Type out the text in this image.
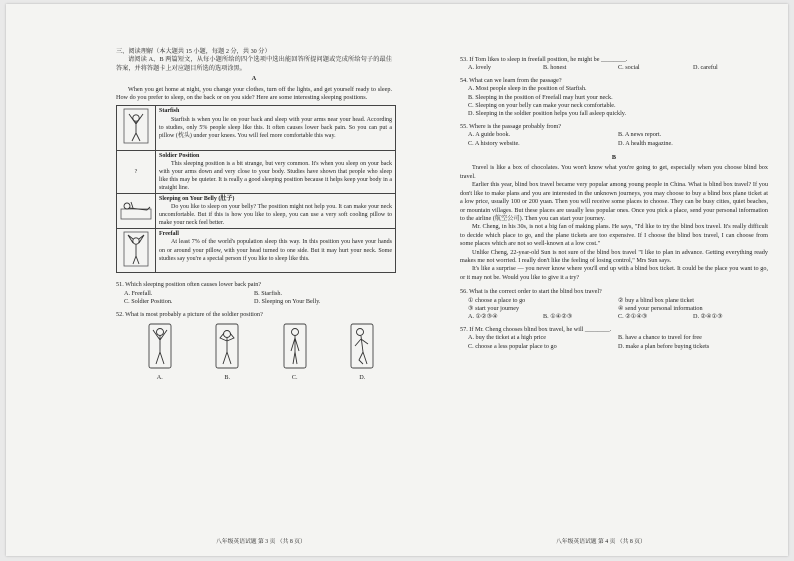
三、阅读理解（本大题共 15 小题，每题 2 分，共 30 分）

请阅读 A、B 两篇短文，从每小题所给的四个选项中选出能回答所提问题或完成所给句子的最佳答案，并将答题卡上对应题目所选的选项涂黑。

A

When you get home at night, you change your clothes, turn off the lights, and get yourself ready to sleep. How do you prefer to sleep, on the back or on you side? Here are some interesting sleeping positions.

Starfish

Starfish is when you lie on your back and sleep with your arms near your head. According to studies, only 5% people sleep like this. It often causes lower back pain. So you can put a pillow (枕头) under your knees. You will feel more comfortable this way.

?	Soldier Position

This sleeping position is a bit strange, but very common. It's when you sleep on your back with your arms down and very close to your body. Studies have shown that people who sleep like this may be quieter. It is really a good sleeping position because it helps keep your body in a straight line.

Sleeping on Your Belly (肚子)

Do you like to sleep on your belly? The position might not help you. It can make your neck uncomfortable. But if this is how you like to sleep, you can use a very soft cooling pillow to make your neck feel better.

Freefall

At least 7% of the world's population sleep this way. In this position you have your hands on or around your pillow, with your head turned to one side. But it may hurt your neck. Some studies say you're a special person if you like to sleep like this.

51. Which sleeping position often causes lower back pain?

A. Freefall.	B. Starfish.
C. Soldier Position.	D. Sleeping on Your Belly.

52. What is most probably a picture of the soldier position?

A.	B.	C.	D.
八年级英语试题 第 3 页 （共 8 页）

53. If Tom likes to sleep in freefall position, he might be ________.

A. lovely	B. honest	C. social	D. careful

54. What can we learn from the passage?

A. Most people sleep in the position of Starfish.
B. Sleeping in the position of Freefall may hurt your neck.
C. Sleeping on your belly can make your neck comfortable.
D. Sleeping in the soldier position helps you fall asleep quickly.

55. Where is the passage probably from?

A. A guide book.	B. A news report.
C. A history website.	D. A health magazine.

B

Travel is like a box of chocolates. You won't know what you're going to get, especially when you choose blind box travel.

Earlier this year, blind box travel became very popular among young people in China. What is blind box travel? If you don't like to make plans and you are interested in the unknown journeys, you may choose to buy a blind box plane ticket at a low price, usually 100 or 200 yuan. Then you will receive some places to choose. They can be busy cities, quiet beaches, or mountain villages. But these places are usually less popular ones. Once you pick a place, send your personal information to the airline (航空公司). Then you can start your journey.

Mr. Cheng, in his 30s, is not a big fan of making plans. He says, "I'd like to try the blind box travel. It's really difficult to decide which place to go, and the plane tickets are too expensive. If I choose the blind box travel, I can choose from some places which are not so well-known at a low cost."

Unlike Cheng, 22-year-old Sun is not sure of the blind box travel "I like to plan in advance. Getting everything ready makes me not worried. I really don't like the feeling of losing control," Mrs Sun says.

It's like a surprise — you never know where you'll end up with a blind box ticket. It could be the place you want to go, or it may not be. Would you like to give it a try?

56. What is the correct order to start the blind box travel?

① choose a place to go	② buy a blind box plane ticket
③ start your journey	④ send your personal information
A. ①②③④	B. ①④②③	C. ②①④③	D. ②④①③

57. If Mr. Cheng chooses blind box travel, he will ________.

A. buy the ticket at a high price	B. have a chance to travel for free
C. choose a less popular place to go	D. make a plan before buying tickets
八年级英语试题 第 4 页 （共 8 页）
